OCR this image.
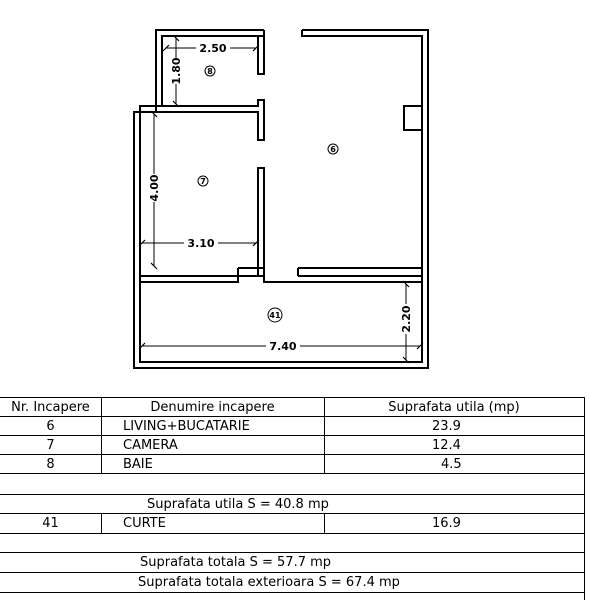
2.50
1.80
4.00
3.10
7.40
2.20
8
6
7
41
Nr. Incapere	Denumire incapere	Suprafata utila (mp)
6	LIVING+BUCATARIE	23.9
7	CAMERA	12.4
8	BAIE	4.5
Suprafata utila S = 40.8 mp
41	CURTE	16.9
Suprafata totala S = 57.7 mp
Suprafata totala exterioara S = 67.4 mp
